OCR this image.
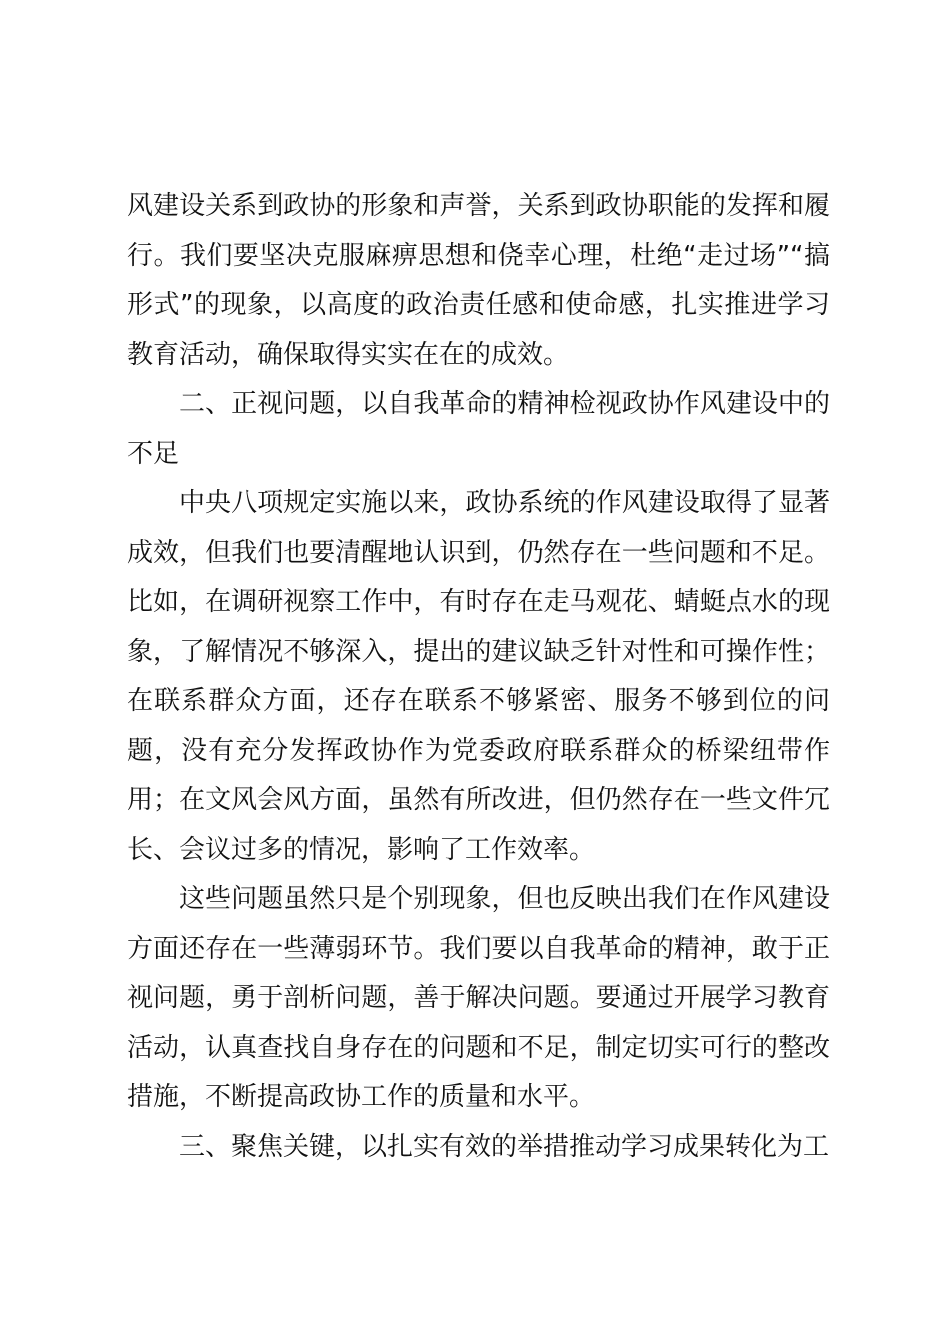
风建设关系到政协的形象和声誉，关系到政协职能的发挥和履行。我们要坚决克服麻痹思想和侥幸心理，杜绝“走过场”“搞形式”的现象，以高度的政治责任感和使命感，扎实推进学习教育活动，确保取得实实在在的成效。

二、正视问题，以自我革命的精神检视政协作风建设中的不足

中央八项规定实施以来，政协系统的作风建设取得了显著成效，但我们也要清醒地认识到，仍然存在一些问题和不足。比如，在调研视察工作中，有时存在走马观花、蜻蜓点水的现象，了解情况不够深入，提出的建议缺乏针对性和可操作性；在联系群众方面，还存在联系不够紧密、服务不够到位的问题，没有充分发挥政协作为党委政府联系群众的桥梁纽带作用；在文风会风方面，虽然有所改进，但仍然存在一些文件冗长、会议过多的情况，影响了工作效率。

这些问题虽然只是个别现象，但也反映出我们在作风建设方面还存在一些薄弱环节。我们要以自我革命的精神，敢于正视问题，勇于剖析问题，善于解决问题。要通过开展学习教育活动，认真查找自身存在的问题和不足，制定切实可行的整改措施，不断提高政协工作的质量和水平。

三、聚焦关键，以扎实有效的举措推动学习成果转化为工
